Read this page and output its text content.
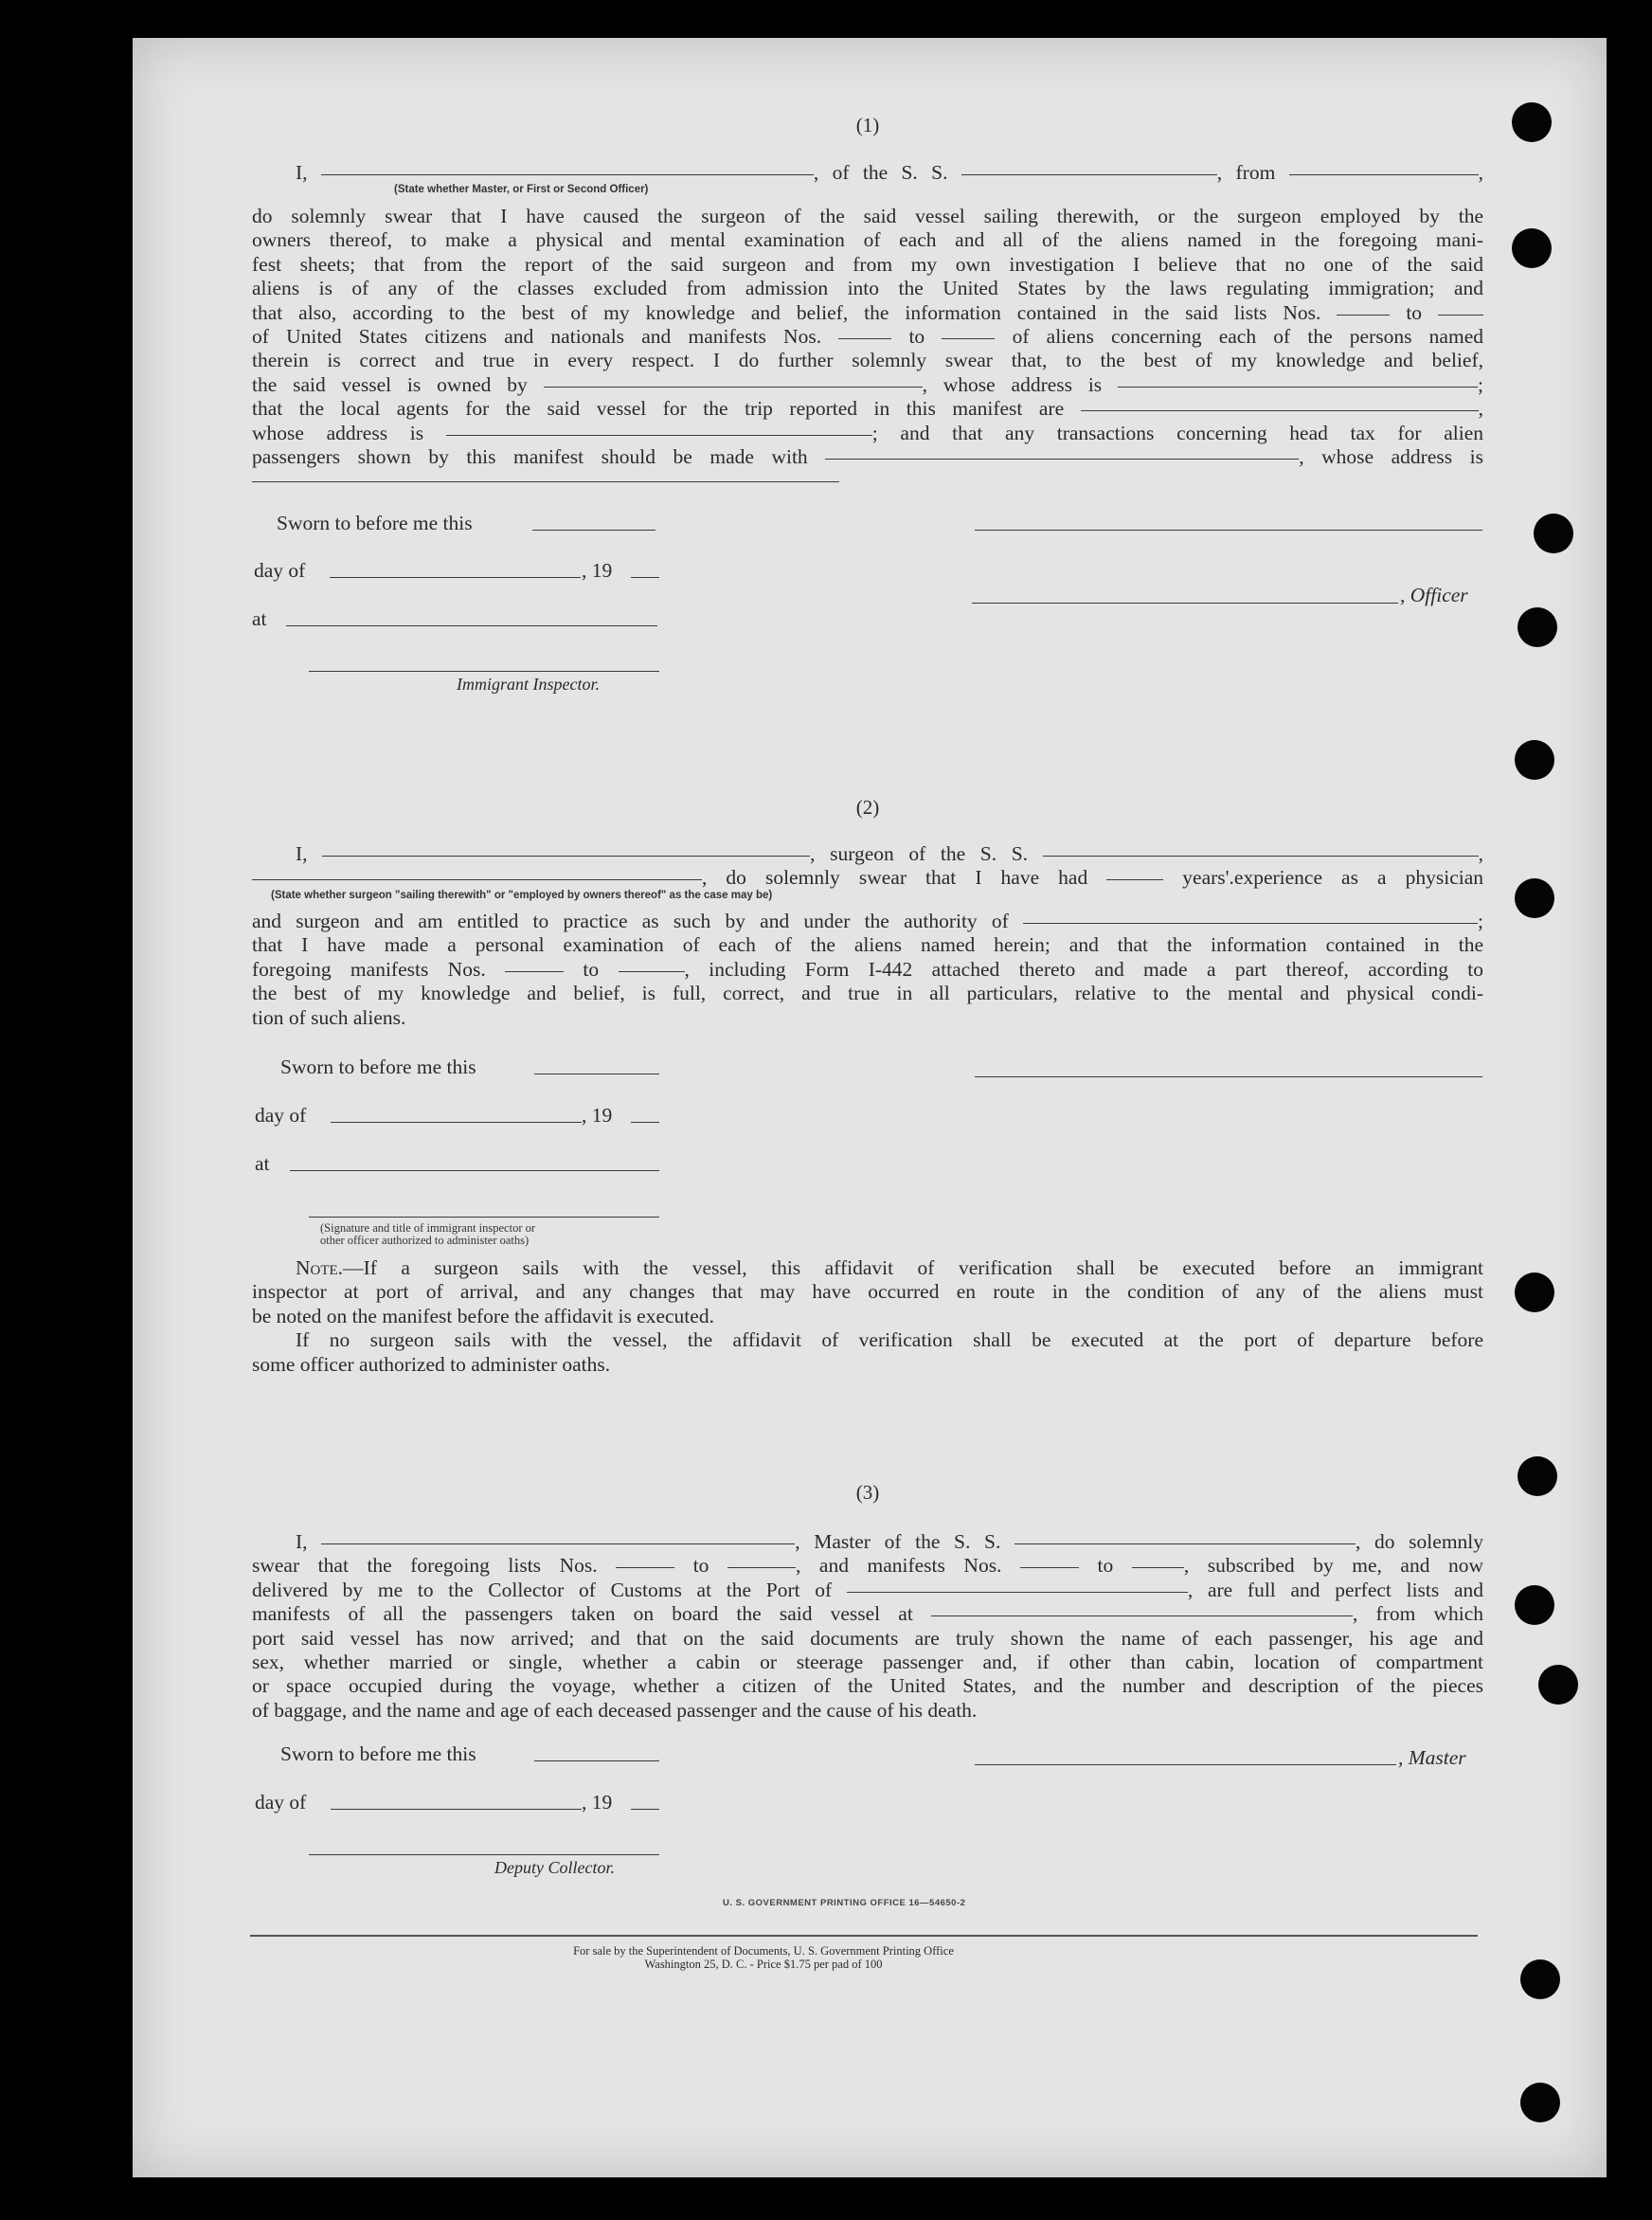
(1)
I,	, of the S. S.	, from	,
(State whether Master, or First or Second Officer)
do solemnly swear that I have caused the surgeon of the said vessel sailing therewith, or the surgeon employed by the
owners thereof, to make a physical and mental examination of each and all of the aliens named in the foregoing mani-
fest sheets; that from the report of the said surgeon and from my own investigation I believe that no one of the said
aliens is of any of the classes excluded from admission into the United States by the laws regulating immigration; and
that also, according to the best of my knowledge and belief, the information contained in the said lists Nos.	to
of United States citizens and nationals and manifests Nos.	to	of aliens concerning each of the persons named
therein is correct and true in every respect. I do further solemnly swear that, to the best of my knowledge and belief,
the said vessel is owned by	, whose address is	;
that the local agents for the said vessel for the trip reported in this manifest are	,
whose address is	; and that any transactions concerning head tax for alien
passengers shown by this manifest should be made with	, whose address is
Sworn to before me this
day of	, 19
at
, Officer
Immigrant Inspector.
(2)
I,	, surgeon of the S. S.	,
, do solemnly swear that I have had	years'.experience as a physician
(State whether surgeon "sailing therewith" or "employed by owners thereof" as the case may be)
and surgeon and am entitled to practice as such by and under the authority of	;
that I have made a personal examination of each of the aliens named herein; and that the information contained in the
foregoing manifests Nos.	to	, including Form I-442 attached thereto and made a part thereof, according to
the best of my knowledge and belief, is full, correct, and true in all particulars, relative to the mental and physical condi-
tion of such aliens.
Sworn to before me this
day of	, 19
at
(Signature and title of immigrant inspector or
other officer authorized to administer oaths)
Note.—If a surgeon sails with the vessel, this affidavit of verification shall be executed before an immigrant
inspector at port of arrival, and any changes that may have occurred en route in the condition of any of the aliens must
be noted on the manifest before the affidavit is executed.
If no surgeon sails with the vessel, the affidavit of verification shall be executed at the port of departure before
some officer authorized to administer oaths.
(3)
I,	, Master of the S. S.	, do solemnly
swear that the foregoing lists Nos.	to	, and manifests Nos.	to	, subscribed by me, and now
delivered by me to the Collector of Customs at the Port of	, are full and perfect lists and
manifests of all the passengers taken on board the said vessel at	, from which
port said vessel has now arrived; and that on the said documents are truly shown the name of each passenger, his age and
sex, whether married or single, whether a cabin or steerage passenger and, if other than cabin, location of compartment
or space occupied during the voyage, whether a citizen of the United States, and the number and description of the pieces
of baggage, and the name and age of each deceased passenger and the cause of his death.
Sworn to before me this	, Master
day of	, 19
Deputy Collector.
U. S. GOVERNMENT PRINTING OFFICE 16—54650-2
For sale by the Superintendent of Documents, U. S. Government Printing Office
Washington 25, D. C. - Price $1.75 per pad of 100
